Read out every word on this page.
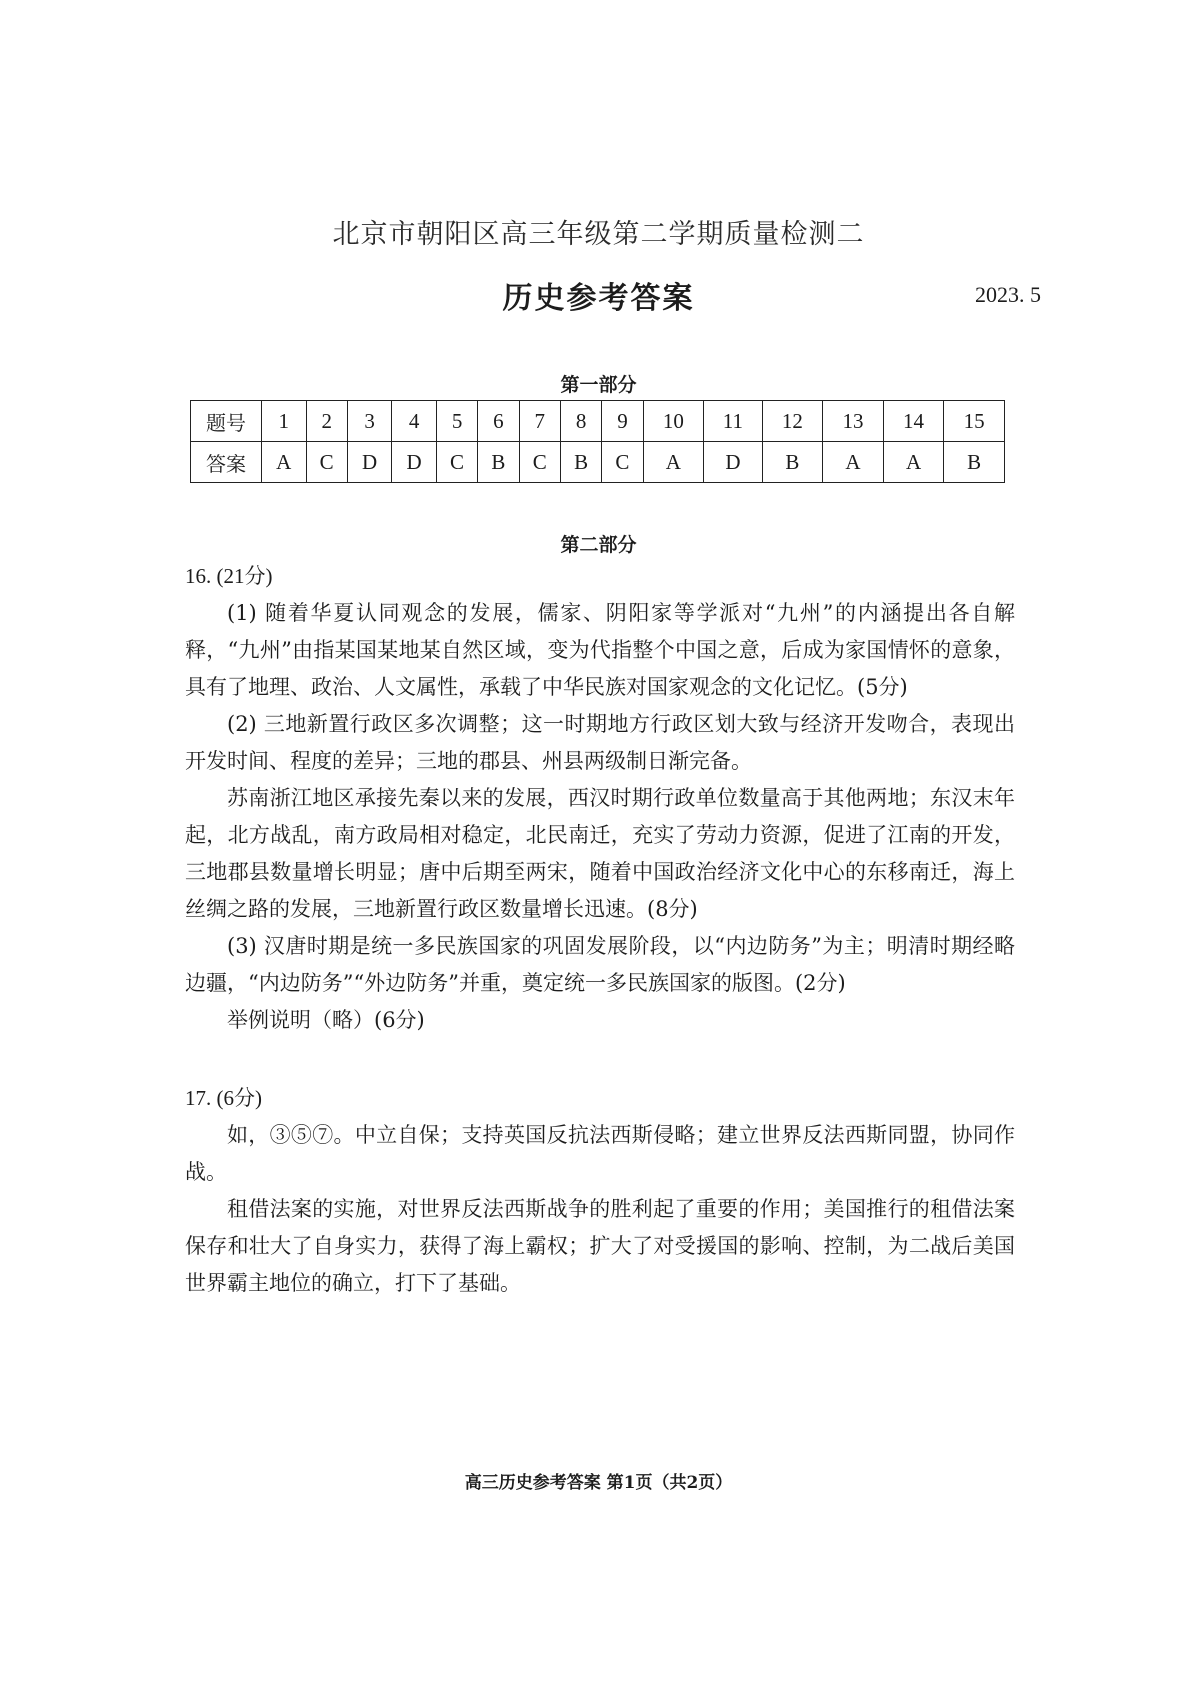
北京市朝阳区高三年级第二学期质量检测二
历史参考答案	2023. 5
第一部分
题号	1	2	3	4	5	6	7	8	9	10	11	12	13	14	15
答案	A	C	D	D	C	B	C	B	C	A	D	B	A	A	B
第二部分

16. (21分)

(1) 随着华夏认同观念的发展，儒家、阴阳家等学派对“九州”的内涵提出各自解释，“九州”由指某国某地某自然区域，变为代指整个中国之意，后成为家国情怀的意象，具有了地理、政治、人文属性，承载了中华民族对国家观念的文化记忆。(5分)

(2) 三地新置行政区多次调整；这一时期地方行政区划大致与经济开发吻合，表现出开发时间、程度的差异；三地的郡县、州县两级制日渐完备。

苏南浙江地区承接先秦以来的发展，西汉时期行政单位数量高于其他两地；东汉末年起，北方战乱，南方政局相对稳定，北民南迁，充实了劳动力资源，促进了江南的开发，三地郡县数量增长明显；唐中后期至两宋，随着中国政治经济文化中心的东移南迁，海上丝绸之路的发展，三地新置行政区数量增长迅速。(8分)

(3) 汉唐时期是统一多民族国家的巩固发展阶段，以“内边防务”为主；明清时期经略边疆，“内边防务”“外边防务”并重，奠定统一多民族国家的版图。(2分)

举例说明（略）(6分)

17. (6分)

如，③⑤⑦。中立自保；支持英国反抗法西斯侵略；建立世界反法西斯同盟，协同作战。

租借法案的实施，对世界反法西斯战争的胜利起了重要的作用；美国推行的租借法案保存和壮大了自身实力，获得了海上霸权；扩大了对受援国的影响、控制，为二战后美国世界霸主地位的确立，打下了基础。

高三历史参考答案 第1页（共2页）
